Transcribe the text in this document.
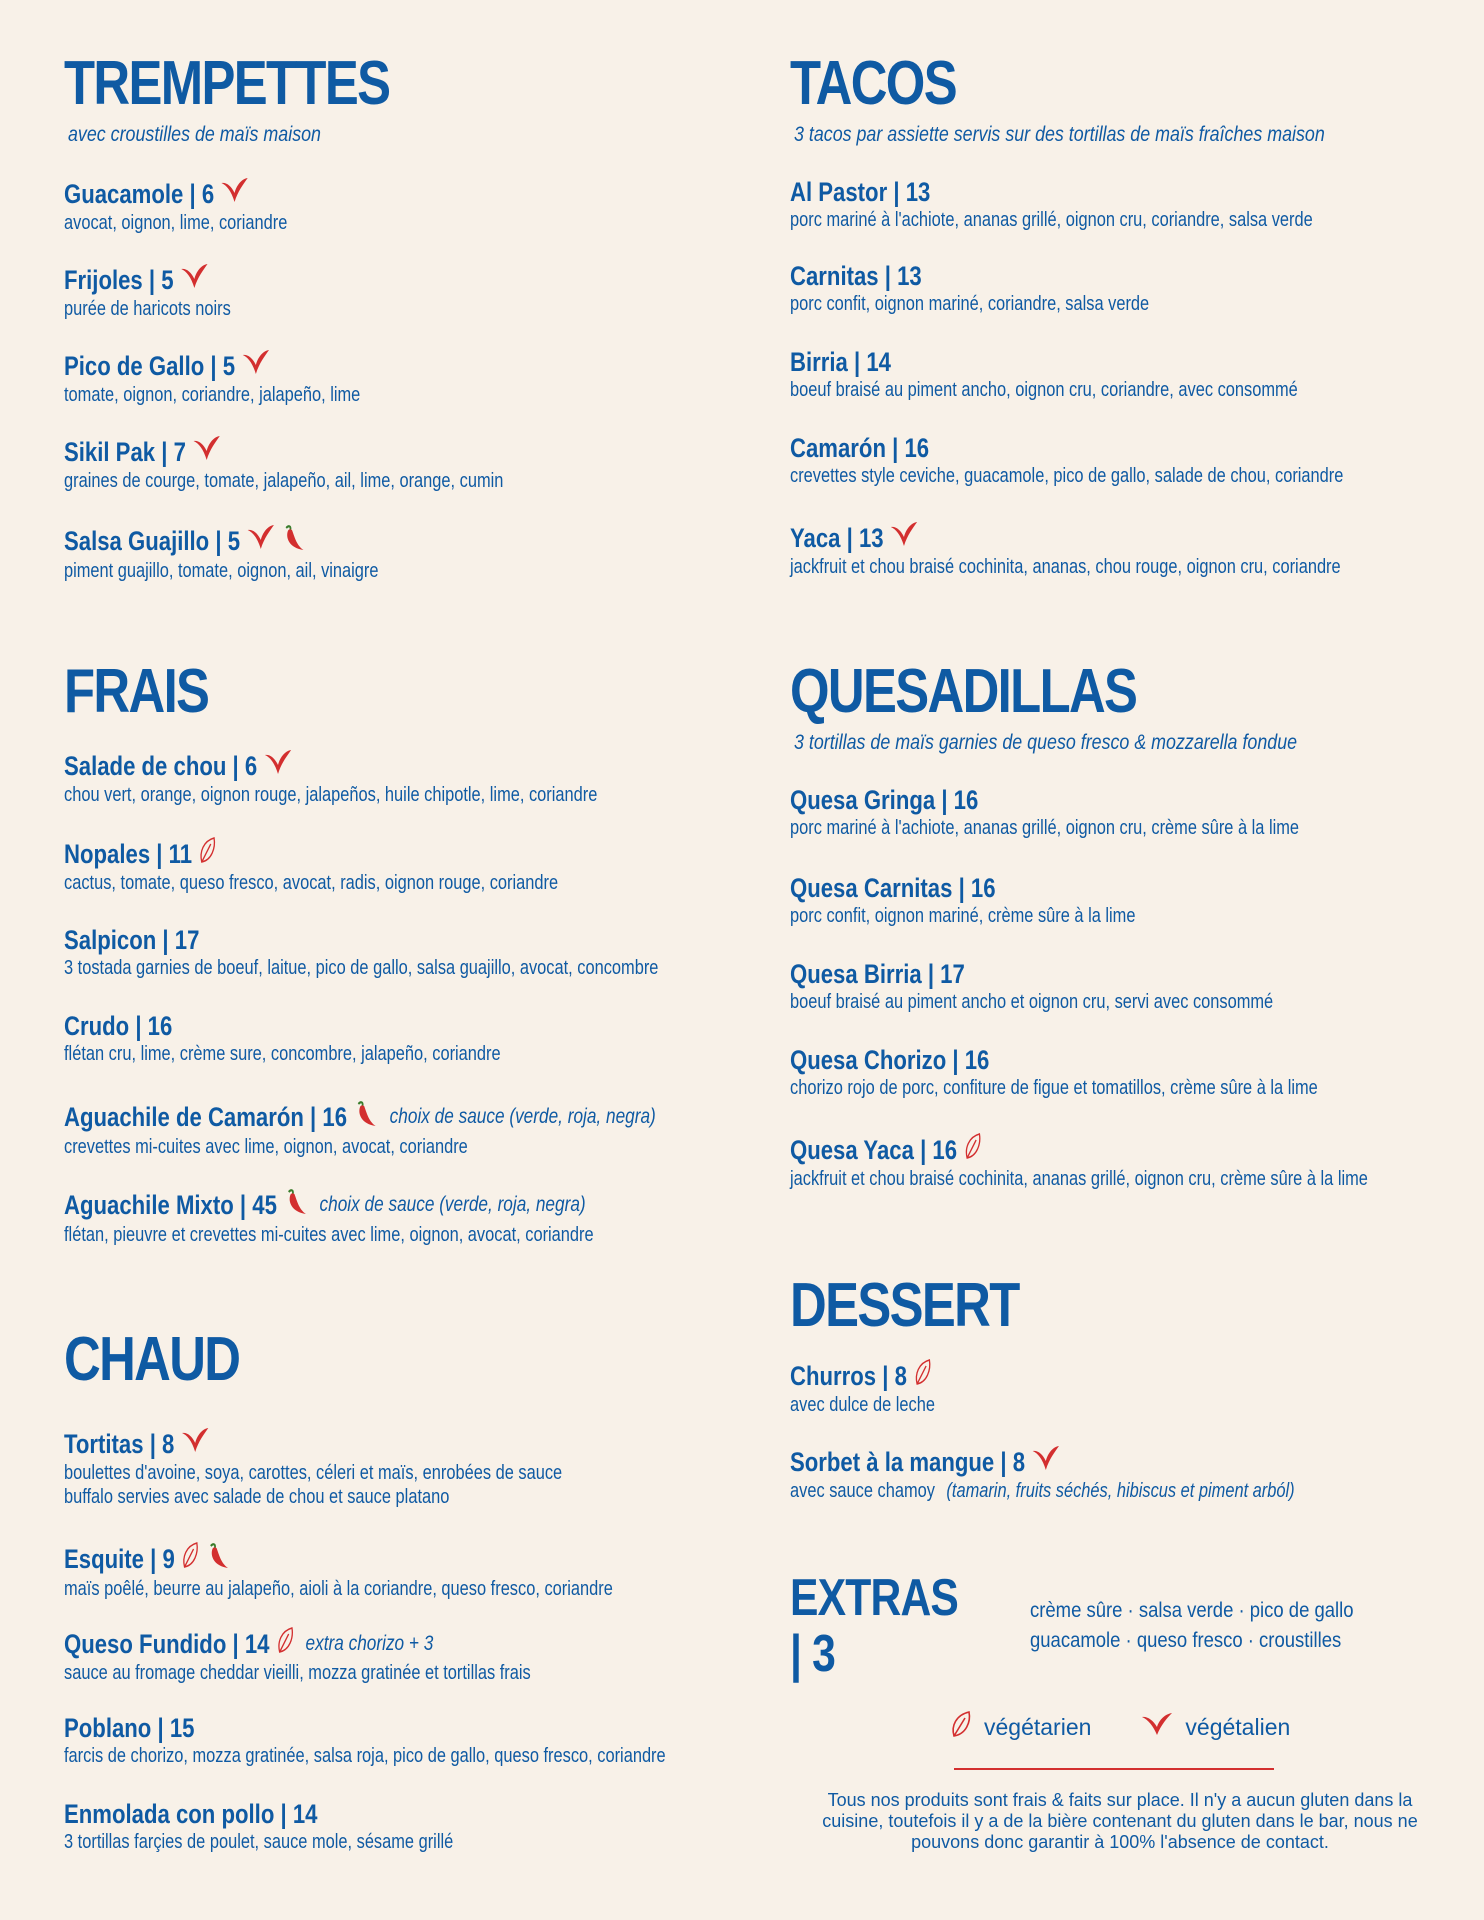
TREMPETTES
avec croustilles de maïs maison
Guacamole | 6
avocat, oignon, lime, coriandre
Frijoles | 5
purée de haricots noirs
Pico de Gallo | 5
tomate, oignon, coriandre, jalapeño, lime
Sikil Pak | 7
graines de courge, tomate, jalapeño, ail, lime, orange, cumin
Salsa Guajillo | 5
piment guajillo, tomate, oignon, ail, vinaigre
FRAIS
Salade de chou | 6
chou vert, orange, oignon rouge, jalapeños, huile chipotle, lime, coriandre
Nopales | 11
cactus, tomate, queso fresco, avocat, radis, oignon rouge, coriandre
Salpicon | 17
3 tostada garnies de boeuf, laitue, pico de gallo, salsa guajillo, avocat, concombre
Crudo | 16
flétan cru, lime, crème sure, concombre, jalapeño, coriandre
Aguachile de Camarón | 16 choix de sauce (verde, roja, negra)
crevettes mi-cuites avec lime, oignon, avocat, coriandre
Aguachile Mixto | 45 choix de sauce (verde, roja, negra)
flétan, pieuvre et crevettes mi-cuites avec lime, oignon, avocat, coriandre
CHAUD
Tortitas | 8
boulettes d'avoine, soya, carottes, céleri et maïs, enrobées de sauce
buffalo servies avec salade de chou et sauce platano
Esquite | 9
maïs poêlé, beurre au jalapeño, aioli à la coriandre, queso fresco, coriandre
Queso Fundido | 14 extra chorizo + 3
sauce au fromage cheddar vieilli, mozza gratinée et tortillas frais
Poblano | 15
farcis de chorizo, mozza gratinée, salsa roja, pico de gallo, queso fresco, coriandre
Enmolada con pollo | 14
3 tortillas farçies de poulet, sauce mole, sésame grillé
TACOS
3 tacos par assiette servis sur des tortillas de maïs fraîches maison
Al Pastor | 13
porc mariné à l'achiote, ananas grillé, oignon cru, coriandre, salsa verde
Carnitas | 13
porc confit, oignon mariné, coriandre, salsa verde
Birria | 14
boeuf braisé au piment ancho, oignon cru, coriandre, avec consommé
Camarón | 16
crevettes style ceviche, guacamole, pico de gallo, salade de chou, coriandre
Yaca | 13
jackfruit et chou braisé cochinita, ananas, chou rouge, oignon cru, coriandre
QUESADILLAS
3 tortillas de maïs garnies de queso fresco & mozzarella fondue
Quesa Gringa | 16
porc mariné à l'achiote, ananas grillé, oignon cru, crème sûre à la lime
Quesa Carnitas | 16
porc confit, oignon mariné, crème sûre à la lime
Quesa Birria | 17
boeuf braisé au piment ancho et oignon cru, servi avec consommé
Quesa Chorizo | 16
chorizo rojo de porc, confiture de figue et tomatillos, crème sûre à la lime
Quesa Yaca | 16
jackfruit et chou braisé cochinita, ananas grillé, oignon cru, crème sûre à la lime
DESSERT
Churros | 8
avec dulce de leche
Sorbet à la mangue | 8
avec sauce chamoy (tamarin, fruits séchés, hibiscus et piment arból)
EXTRAS | 3
crème sûre · salsa verde · pico de gallo
guacamole · queso fresco · croustilles
végétarien	végétalien
Tous nos produits sont frais & faits sur place. Il n'y a aucun gluten dans la
cuisine, toutefois il y a de la bière contenant du gluten dans le bar, nous ne
pouvons donc garantir à 100% l'absence de contact.
